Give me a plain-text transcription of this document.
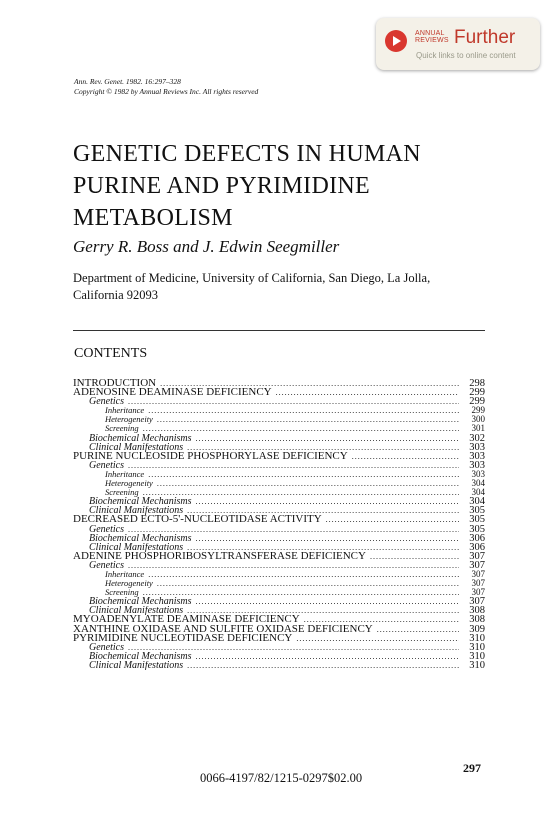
ANNUAL
REVIEWS Further
Quick links to online content
Ann. Rev. Genet. 1982. 16:297–328
Copyright © 1982 by Annual Reviews Inc. All rights reserved
GENETIC DEFECTS IN HUMAN
PURINE AND PYRIMIDINE
METABOLISM
Gerry R. Boss and J. Edwin Seegmiller
Department of Medicine, University of California, San Diego, La Jolla,
California 92093
CONTENTS
INTRODUCTION .....	298
ADENOSINE DEAMINASE DEFICIENCY .....	299
Genetics .....	299
Inheritance .....	299
Heterogeneity .....	300
Screening .....	301
Biochemical Mechanisms .....	302
Clinical Manifestations .....	303
PURINE NUCLEOSIDE PHOSPHORYLASE DEFICIENCY .....	303
Genetics .....	303
Inheritance .....	303
Heterogeneity .....	304
Screening .....	304
Biochemical Mechanisms .....	304
Clinical Manifestations .....	305
DECREASED ECTO-5'-NUCLEOTIDASE ACTIVITY .....	305
Genetics .....	305
Biochemical Mechanisms .....	306
Clinical Manifestations .....	306
ADENINE PHOSPHORIBOSYLTRANSFERASE DEFICIENCY .....	307
Genetics .....	307
Inheritance .....	307
Heterogeneity .....	307
Screening .....	307
Biochemical Mechanisms .....	307
Clinical Manifestations .....	308
MYOADENYLATE DEAMINASE DEFICIENCY .....	308
XANTHINE OXIDASE AND SULFITE OXIDASE DEFICIENCY .....	309
PYRIMIDINE NUCLEOTIDASE DEFICIENCY .....	310
Genetics .....	310
Biochemical Mechanisms .....	310
Clinical Manifestations .....	310
297
0066-4197/82/1215-0297$02.00
